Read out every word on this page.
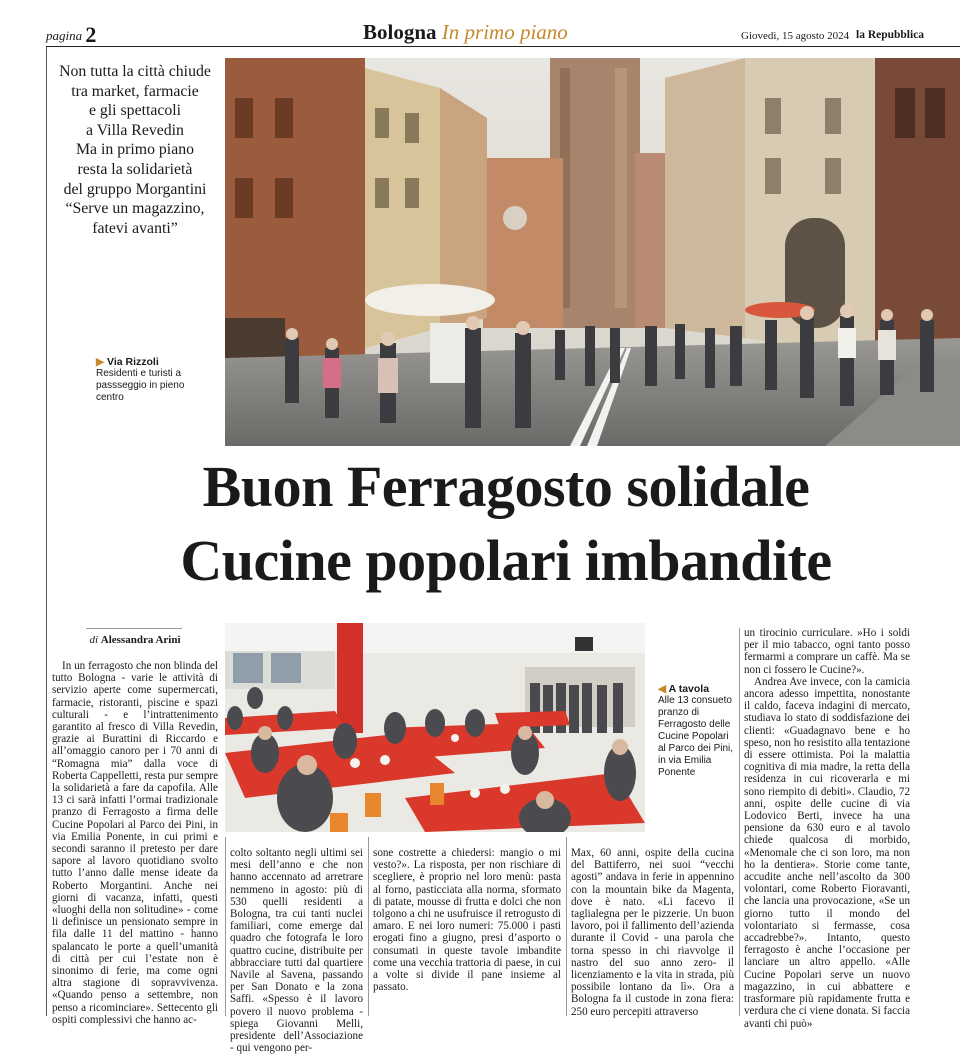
pagina 2	Bologna In primo piano	Giovedì, 15 agosto 2024 la Repubblica
Non tutta la città chiude
tra market, farmacie
e gli spettacoli
a Villa Revedin
Ma in primo piano
resta la solidarietà
del gruppo Morgantini
“Serve un magazzino,
fatevi avanti”
▶ Via Rizzoli
Residenti e turisti a passseggio in pieno centro
Buon Ferragosto solidale
Cucine popolari imbandite
di Alessandra Arini
◀ A tavola
Alle 13 consueto pranzo di Ferragosto delle Cucine Popolari al Parco dei Pini, in via Emilia Ponente

In un ferragosto che non blinda del tutto Bologna - varie le attività di servizio aperte come supermercati, farmacie, ristoranti, piscine e spazi culturali - e l’intrattenimento garantito al fresco di Villa Revedin, grazie ai Burattini di Riccardo e all’omaggio canoro per i 70 anni di “Romagna mia” dalla voce di Roberta Cappelletti, resta pur sempre la solidarietà a fare da capofila. Alle 13 ci sarà infatti l’ormai tradizionale pranzo di Ferragosto a firma delle Cucine Popolari al Parco dei Pini, in via Emilia Ponente, in cui primi e secondi saranno il pretesto per dare sapore al lavoro quotidiano svolto tutto l’anno dalle mense ideate da Roberto Morgantini. Anche nei giorni di vacanza, infatti, questi «luoghi della non solitudine» - come li definisce un pensionato sempre in fila dalle 11 del mattino - hanno spalancato le porte a quell’umanità di città per cui l’estate non è sinonimo di ferie, ma come ogni altra stagione di sopravvivenza. «Quando penso a settembre, non penso a ricominciare». Settecento gli ospiti complessivi che hanno ac-

colto soltanto negli ultimi sei mesi dell’anno e che non hanno accennato ad arretrare nemmeno in agosto: più di 530 quelli residenti a Bologna, tra cui tanti nuclei familiari, come emerge dal quadro che fotografa le loro quattro cucine, distribuite per abbracciare tutti dal quartiere Navile al Savena, passando per San Donato e la zona Saffi. «Spesso è il lavoro povero il nuovo problema - spiega Giovanni Melli, presidente dell’Associazione - qui vengono per-

sone costrette a chiedersi: mangio o mi vesto?». La risposta, per non rischiare di scegliere, è proprio nel loro menù: pasta al forno, pasticciata alla norma, sformato di patate, mousse di frutta e dolci che non tolgono a chi ne usufruisce il retrogusto di amaro. E nei loro numeri: 75.000 i pasti erogati fino a giugno, presi d’asporto o consumati in queste tavole imbandite come una vecchia trattoria di paese, in cui a volte si divide il pane insieme al passato.

Max, 60 anni, ospite della cucina del Battiferro, nei suoi “vecchi agosti” andava in ferie in appennino con la mountain bike da Magenta, dove è nato. «Li facevo il taglialegna per le pizzerie. Un buon lavoro, poi il fallimento dell’azienda durante il Covid - una parola che torna spesso in chi riavvolge il nastro del suo anno zero- il licenziamento e la vita in strada, più possibile lontano da lì». Ora a Bologna fa il custode in zona fiera: 250 euro percepiti attraverso

un tirocinio curriculare. »Ho i soldi per il mio tabacco, ogni tanto posso fermarmi a comprare un caffè. Ma se non ci fossero le Cucine?».

Andrea Ave invece, con la camicia ancora adesso impettita, nonostante il caldo, faceva indagini di mercato, studiava lo stato di soddisfazione dei clienti: «Guadagnavo bene e ho speso, non ho resistito alla tentazione di essere ottimista. Poi la malattia cognitiva di mia madre, la retta della residenza in cui ricoverarla e mi sono riempito di debiti». Claudio, 72 anni, ospite delle cucine di via Lodovico Berti, invece ha una pensione da 630 euro e al tavolo chiede qualcosa di morbido, «Menomale che ci son loro, ma non ho la dentiera». Storie come tante, accudite anche nell’ascolto da 300 volontari, come Roberto Fioravanti, che lancia una provocazione, «Se un giorno tutto il mondo del volontariato si fermasse, cosa accadrebbe?». Intanto, questo ferragosto è anche l’occasione per lanciare un altro appello. «Alle Cucine Popolari serve un nuovo magazzino, in cui abbattere e trasformare più rapidamente frutta e verdura che ci viene donata. Si faccia avanti chi può»
